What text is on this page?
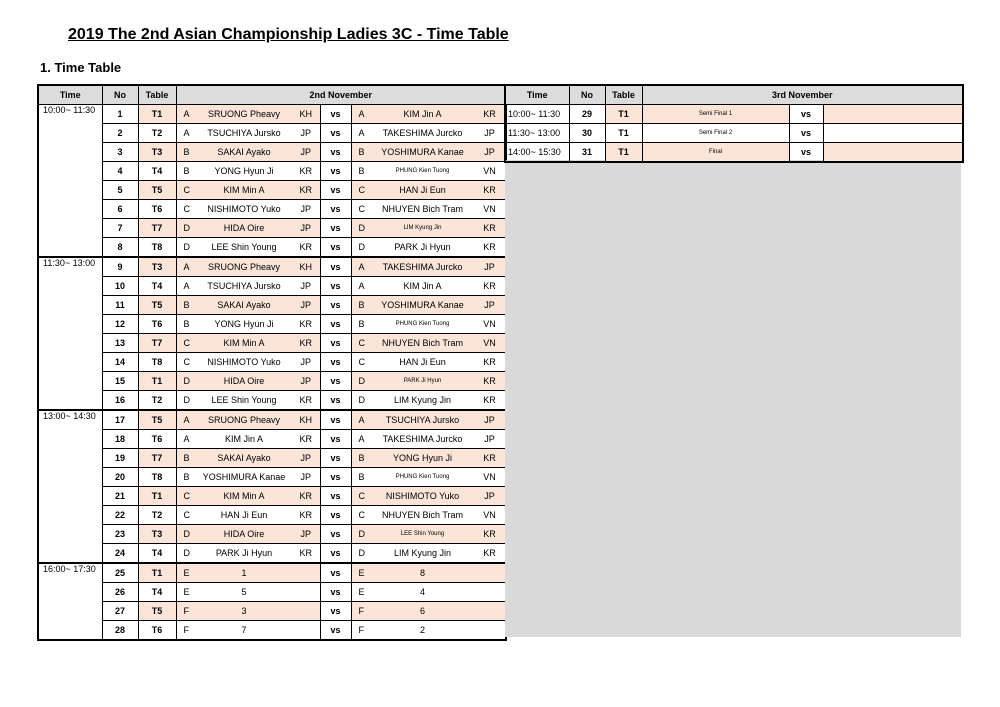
2019 The 2nd Asian Championship Ladies 3C - Time Table
1. Time Table
Time	No	Table	2nd November						
10:00~ 11:30	1	T1	A	SRUONG Pheavy	KH	vs	A	KIM Jin A	KR
	2	T2	A	TSUCHIYA Jursko	JP	vs	A	TAKESHIMA Jurcko	JP
	3	T3	B	SAKAI Ayako	JP	vs	B	YOSHIMURA Kanae	JP
	4	T4	B	YONG Hyun Ji	KR	vs	B	PHUNG Kien Tuong	VN
	5	T5	C	KIM Min A	KR	vs	C	HAN Ji Eun	KR
	6	T6	C	NISHIMOTO Yuko	JP	vs	C	NHUYEN Bich Tram	VN
	7	T7	D	HIDA Oire	JP	vs	D	LIM Kyung Jin	KR
	8	T8	D	LEE Shin Young	KR	vs	D	PARK Ji Hyun	KR
11:30~ 13:00	9	T3	A	SRUONG Pheavy	KH	vs	A	TAKESHIMA Jurcko	JP
	10	T4	A	TSUCHIYA Jursko	JP	vs	A	KIM Jin A	KR
	11	T5	B	SAKAI Ayako	JP	vs	B	YOSHIMURA Kanae	JP
	12	T6	B	YONG Hyun Ji	KR	vs	B	PHUNG Kien Tuong	VN
	13	T7	C	KIM Min A	KR	vs	C	NHUYEN Bich Tram	VN
	14	T8	C	NISHIMOTO Yuko	JP	vs	C	HAN Ji Eun	KR
	15	T1	D	HIDA Oire	JP	vs	D	PARK Ji Hyun	KR
	16	T2	D	LEE Shin Young	KR	vs	D	LIM Kyung Jin	KR
13:00~ 14:30	17	T5	A	SRUONG Pheavy	KH	vs	A	TSUCHIYA Jursko	JP
	18	T6	A	KIM Jin A	KR	vs	A	TAKESHIMA Jurcko	JP
	19	T7	B	SAKAI Ayako	JP	vs	B	YONG Hyun Ji	KR
	20	T8	B	YOSHIMURA Kanae	JP	vs	B	PHUNG Kien Tuong	VN
	21	T1	C	KIM Min A	KR	vs	C	NISHIMOTO Yuko	JP
	22	T2	C	HAN Ji Eun	KR	vs	C	NHUYEN Bich Tram	VN
	23	T3	D	HIDA Oire	JP	vs	D	LEE Shin Young	KR
	24	T4	D	PARK Ji Hyun	KR	vs	D	LIM Kyung Jin	KR
16:00~ 17:30	25	T1	E	1		vs	E	8	
	26	T4	E	5		vs	E	4	
	27	T5	F	3		vs	F	6	
	28	T6	F	7		vs	F	2	
Time	No	Table	3rd November		
10:00~ 11:30	29	T1	Semi Final 1	vs	
11:30~ 13:00	30	T1	Semi Final 2	vs	
14:00~ 15:30	31	T1	Final	vs	
